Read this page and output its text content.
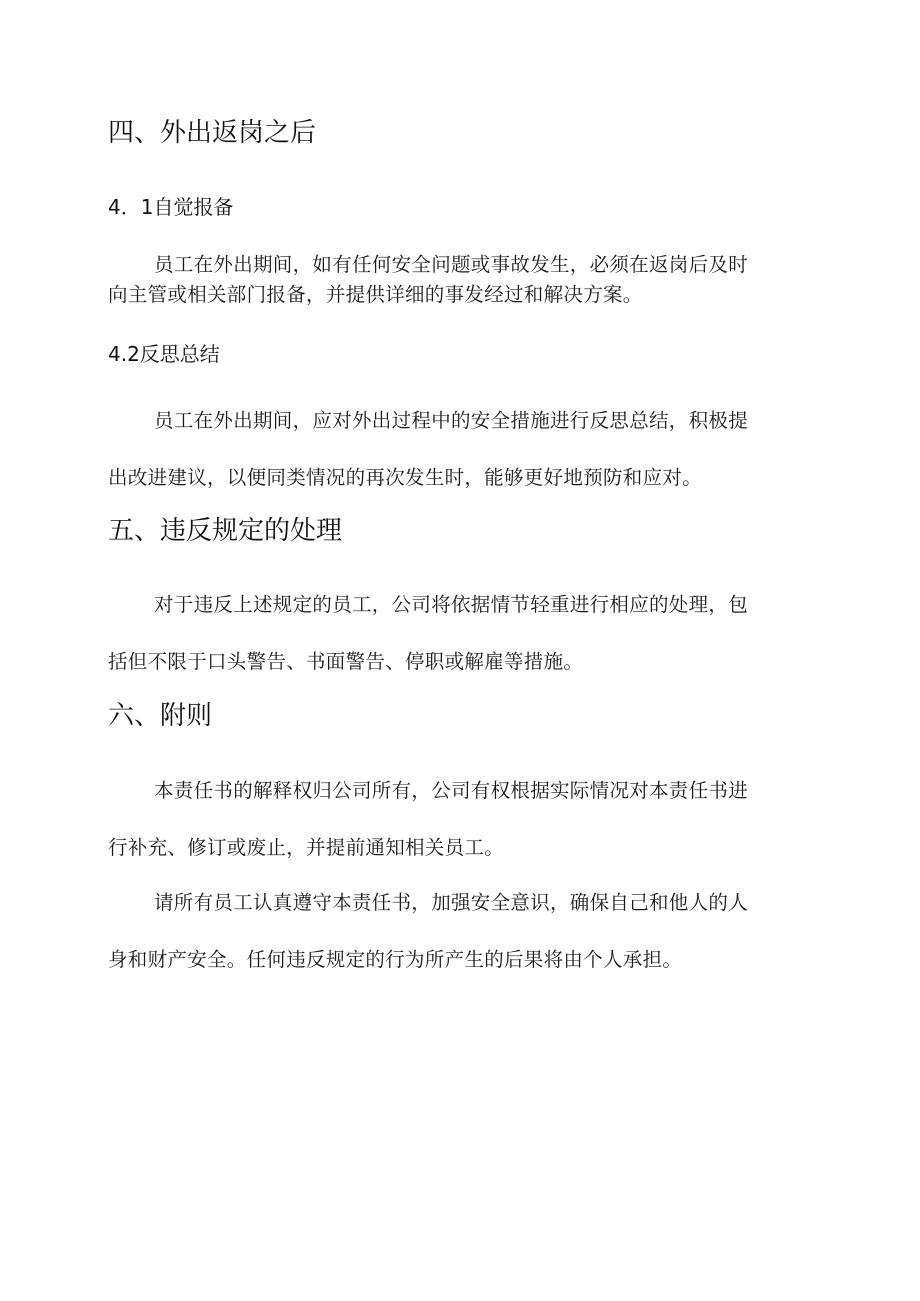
四、外出返岗之后
4．1自觉报备
员工在外出期间，如有任何安全问题或事故发生，必须在返岗后及时
向主管或相关部门报备，并提供详细的事发经过和解决方案。
4.2反思总结
员工在外出期间，应对外出过程中的安全措施进行反思总结，积极提
出改进建议，以便同类情况的再次发生时，能够更好地预防和应对。
五、违反规定的处理
对于违反上述规定的员工，公司将依据情节轻重进行相应的处理，包
括但不限于口头警告、书面警告、停职或解雇等措施。
六、附则
本责任书的解释权归公司所有，公司有权根据实际情况对本责任书进
行补充、修订或废止，并提前通知相关员工。
请所有员工认真遵守本责任书，加强安全意识，确保自己和他人的人
身和财产安全。任何违反规定的行为所产生的后果将由个人承担。
